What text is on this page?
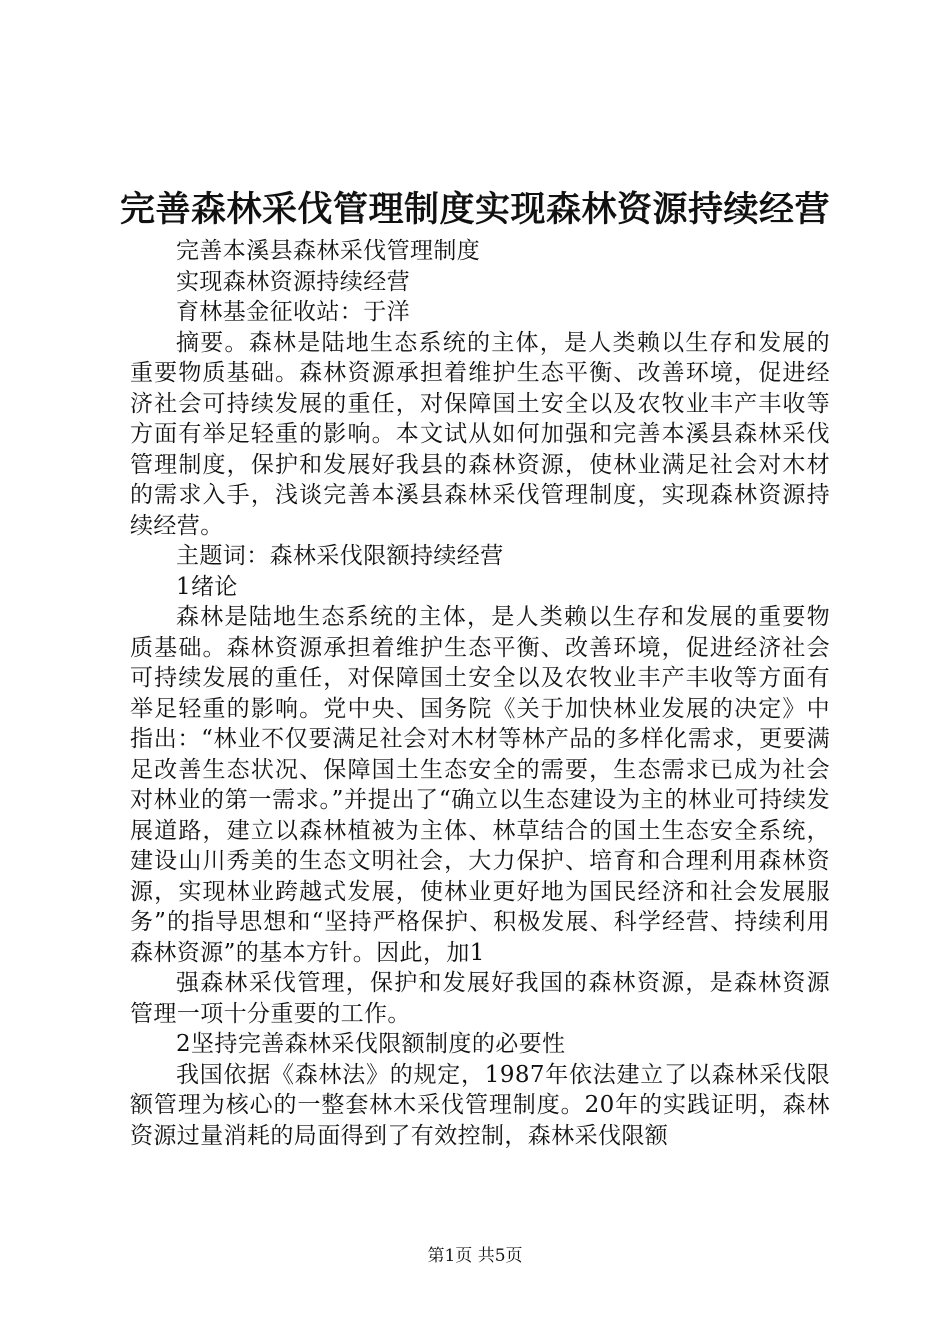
完善森林采伐管理制度实现森林资源持续经营

完善本溪县森林采伐管理制度

实现森林资源持续经营

育林基金征收站：于洋

摘要。森林是陆地生态系统的主体，是人类赖以生存和发展的重要物质基础。森林资源承担着维护生态平衡、改善环境，促进经济社会可持续发展的重任，对保障国土安全以及农牧业丰产丰收等方面有举足轻重的影响。本文试从如何加强和完善本溪县森林采伐管理制度，保护和发展好我县的森林资源，使林业满足社会对木材的需求入手，浅谈完善本溪县森林采伐管理制度，实现森林资源持续经营。

主题词：森林采伐限额持续经营

1绪论

森林是陆地生态系统的主体，是人类赖以生存和发展的重要物质基础。森林资源承担着维护生态平衡、改善环境，促进经济社会可持续发展的重任，对保障国土安全以及农牧业丰产丰收等方面有举足轻重的影响。党中央、国务院《关于加快林业发展的决定》中指出：“林业不仅要满足社会对木材等林产品的多样化需求，更要满足改善生态状况、保障国土生态安全的需要，生态需求已成为社会对林业的第一需求。”并提出了“确立以生态建设为主的林业可持续发展道路，建立以森林植被为主体、林草结合的国土生态安全系统，建设山川秀美的生态文明社会，大力保护、培育和合理利用森林资源，实现林业跨越式发展，使林业更好地为国民经济和社会发展服务”的指导思想和“坚持严格保护、积极发展、科学经营、持续利用森林资源”的基本方针。因此，加1

强森林采伐管理，保护和发展好我国的森林资源，是森林资源管理一项十分重要的工作。

2坚持完善森林采伐限额制度的必要性

我国依据《森林法》的规定，1987年依法建立了以森林采伐限额管理为核心的一整套林木采伐管理制度。20年的实践证明，森林资源过量消耗的局面得到了有效控制，森林采伐限额

第1页 共5页
